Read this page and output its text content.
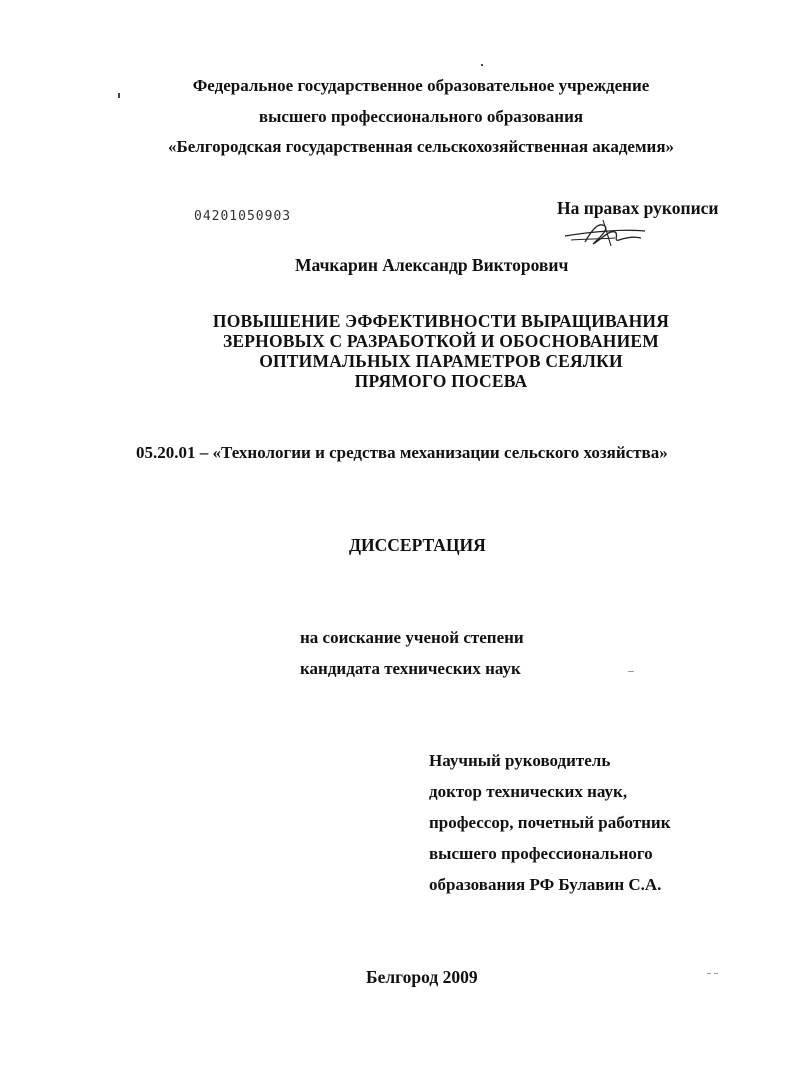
Федеральное государственное образовательное учреждение
высшего профессионального образования
«Белгородская государственная сельскохозяйственная академия»
04201050903	На правах рукописи
Мачкарин Александр Викторович
ПОВЫШЕНИЕ ЭФФЕКТИВНОСТИ ВЫРАЩИВАНИЯ
ЗЕРНОВЫХ С РАЗРАБОТКОЙ И ОБОСНОВАНИЕМ
ОПТИМАЛЬНЫХ ПАРАМЕТРОВ СЕЯЛКИ
ПРЯМОГО ПОСЕВА
05.20.01 – «Технологии и средства механизации сельского хозяйства»
ДИССЕРТАЦИЯ
на соискание ученой степени
кандидата технических наук
Научный руководитель
доктор технических наук,
профессор, почетный работник
высшего профессионального
образования РФ Булавин С.А.
Белгород 2009
